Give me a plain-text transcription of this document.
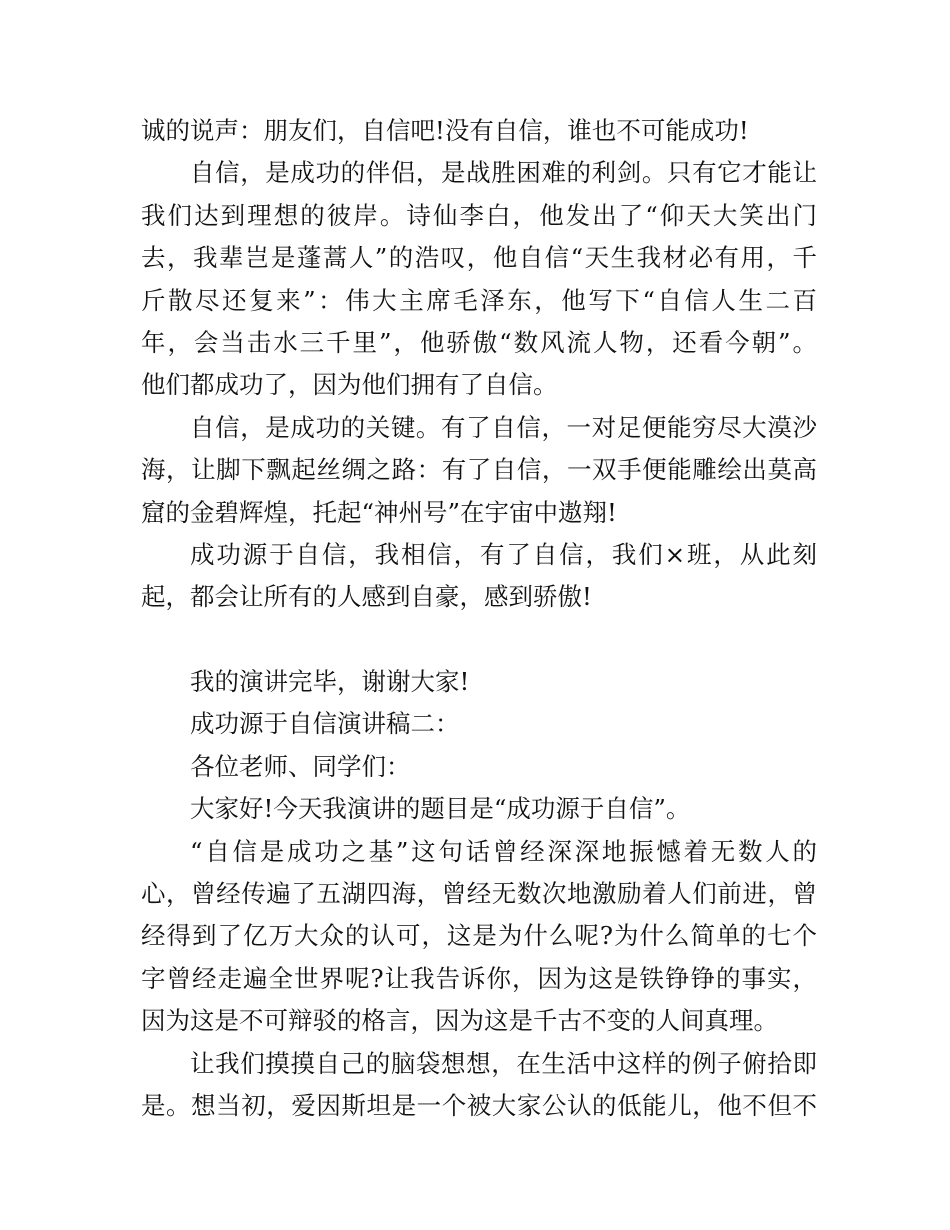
诚的说声：朋友们，自信吧!没有自信，谁也不可能成功!
自信，是成功的伴侣，是战胜困难的利剑。只有它才能让
我们达到理想的彼岸。诗仙李白，他发出了“仰天大笑出门
去，我辈岂是蓬蒿人”的浩叹，他自信“天生我材必有用，千
斤散尽还复来”：伟大主席毛泽东，他写下“自信人生二百
年，会当击水三千里”，他骄傲“数风流人物，还看今朝”。
他们都成功了，因为他们拥有了自信。
自信，是成功的关键。有了自信，一对足便能穷尽大漠沙
海，让脚下飘起丝绸之路：有了自信，一双手便能雕绘出莫高
窟的金碧辉煌，托起“神州号”在宇宙中遨翔!
成功源于自信，我相信，有了自信，我们×班，从此刻
起，都会让所有的人感到自豪，感到骄傲!
我的演讲完毕，谢谢大家!
成功源于自信演讲稿二：
各位老师、同学们：
大家好!今天我演讲的题目是“成功源于自信”。
“自信是成功之基”这句话曾经深深地振憾着无数人的
心，曾经传遍了五湖四海，曾经无数次地激励着人们前进，曾
经得到了亿万大众的认可，这是为什么呢?为什么简单的七个
字曾经走遍全世界呢?让我告诉你，因为这是铁铮铮的事实，
因为这是不可辩驳的格言，因为这是千古不变的人间真理。
让我们摸摸自己的脑袋想想，在生活中这样的例子俯拾即
是。想当初，爱因斯坦是一个被大家公认的低能儿，他不但不
